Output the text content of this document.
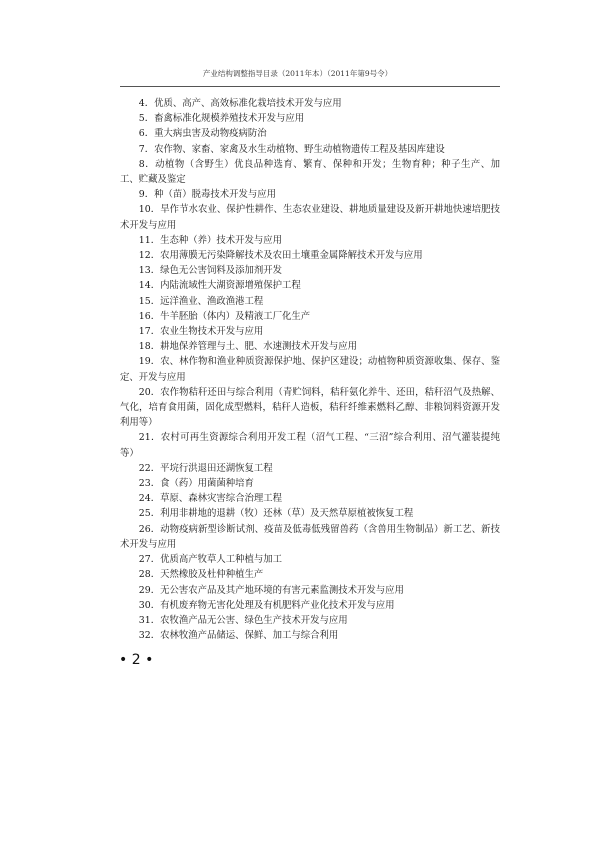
产业结构调整指导目录（2011年本）（2011年第9号令）

4．优质、高产、高效标准化栽培技术开发与应用

5．畜禽标准化规模养殖技术开发与应用

6．重大病虫害及动物疫病防治

7．农作物、家畜、家禽及水生动植物、野生动植物遗传工程及基因库建设

8．动植物（含野生）优良品种选育、繁育、保种和开发；生物育种；种子生产、加工、贮藏及鉴定

9．种（苗）脱毒技术开发与应用

10．旱作节水农业、保护性耕作、生态农业建设、耕地质量建设及新开耕地快速培肥技术开发与应用

11．生态种（养）技术开发与应用

12．农用薄膜无污染降解技术及农田土壤重金属降解技术开发与应用

13．绿色无公害饲料及添加剂开发

14．内陆流域性大湖资源增殖保护工程

15．远洋渔业、渔政渔港工程

16．牛羊胚胎（体内）及精液工厂化生产

17．农业生物技术开发与应用

18．耕地保养管理与土、肥、水速测技术开发与应用

19．农、林作物和渔业种质资源保护地、保护区建设；动植物种质资源收集、保存、鉴定、开发与应用

20．农作物秸秆还田与综合利用（青贮饲料，秸秆氨化养牛、还田，秸秆沼气及热解、气化，培育食用菌，固化成型燃料，秸秆人造板，秸秆纤维素燃料乙醇、非粮饲料资源开发利用等）

21．农村可再生资源综合利用开发工程（沼气工程、“三沼”综合利用、沼气灌装提纯等）

22．平垸行洪退田还湖恢复工程

23．食（药）用菌菌种培育

24．草原、森林灾害综合治理工程

25．利用非耕地的退耕（牧）还林（草）及天然草原植被恢复工程

26．动物疫病新型诊断试剂、疫苗及低毒低残留兽药（含兽用生物制品）新工艺、新技术开发与应用

27．优质高产牧草人工种植与加工

28．天然橡胶及杜仲种植生产

29．无公害农产品及其产地环境的有害元素监测技术开发与应用

30．有机废弃物无害化处理及有机肥料产业化技术开发与应用

31．农牧渔产品无公害、绿色生产技术开发与应用

32．农林牧渔产品储运、保鲜、加工与综合利用

• 2 •
